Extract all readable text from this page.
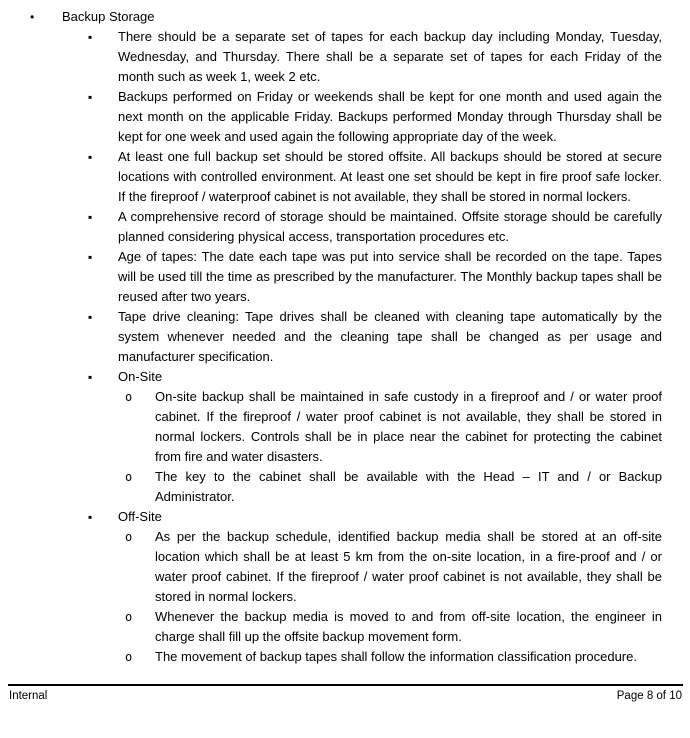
•	Backup Storage
▪	There should be a separate set of tapes for each backup day including Monday, Tuesday, Wednesday, and Thursday. There shall be a separate set of tapes for each Friday of the month such as week 1, week 2 etc.
▪	Backups performed on Friday or weekends shall be kept for one month and used again the next month on the applicable Friday. Backups performed Monday through Thursday shall be kept for one week and used again the following appropriate day of the week.
▪	At least one full backup set should be stored offsite. All backups should be stored at secure locations with controlled environment. At least one set should be kept in fire proof safe locker. If the fireproof / waterproof cabinet is not available, they shall be stored in normal lockers.
▪	A comprehensive record of storage should be maintained. Offsite storage should be carefully planned considering physical access, transportation procedures etc.
▪	Age of tapes: The date each tape was put into service shall be recorded on the tape. Tapes will be used till the time as prescribed by the manufacturer. The Monthly backup tapes shall be reused after two years.
▪	Tape drive cleaning: Tape drives shall be cleaned with cleaning tape automatically by the system whenever needed and the cleaning tape shall be changed as per usage and manufacturer specification.
▪	On-Site
o	On-site backup shall be maintained in safe custody in a fireproof and / or water proof cabinet. If the fireproof / water proof cabinet is not available, they shall be stored in normal lockers. Controls shall be in place near the cabinet for protecting the cabinet from fire and water disasters.
o	The key to the cabinet shall be available with the Head – IT and / or Backup Administrator.
▪	Off-Site
o	As per the backup schedule, identified backup media shall be stored at an off-site location which shall be at least 5 km from the on-site location, in a fire-proof and / or water proof cabinet. If the fireproof / water proof cabinet is not available, they shall be stored in normal lockers.
o	Whenever the backup media is moved to and from off-site location, the engineer in charge shall fill up the offsite backup movement form.
o	The movement of backup tapes shall follow the information classification procedure.
Internal	Page 8 of 10
